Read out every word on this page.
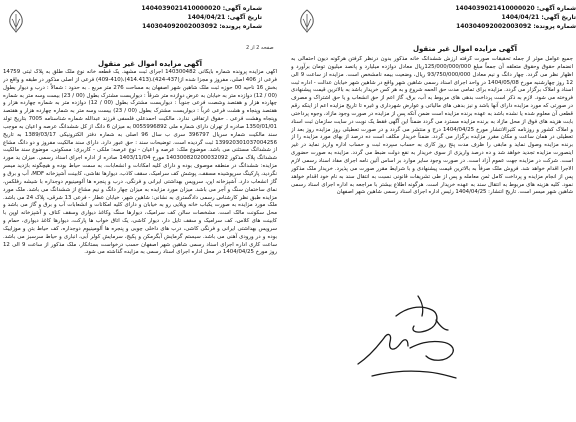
صفحه 2 از 2
شماره آگهی: 1404039021410000020
تاریخ آگهی: 1404/04/21
شماره پرونده: 140304092002003092
آگهی مزایده اموال غیر منقول
آگهی مزایده پرونده شماره بایگانی 140300482 اجرای ثبت مشهد. یک قطعه خانه نوع ملک طلق به پلاک ثبتی 14759 فرعی از 406 اصلی، مفروز و مجزا شده از(437-424)،(414.413)،(410-409) فرعی از اصلی مذکور در طبقه و واقع در بخش 16 ناحیه 00 حوزه ثبت ملک شاهین شهر اصفهان به مساحت 276 متر مربع . به حدود : شمالاً : درب و دیوار بطول (00 / 12) دوازده متر به خیابان به عرض دوازده متر شرقاً : دیواریست مشترک بطول (00 / 23) بیست وسه متر به شماره چهارده هزار و هفتصد وشصت فرعی جنوباً : دیواریست مشترک بطول (00 / 12) دوازده متر به شماره چهارده هزار و هفتصد وپنجاه و هشت فرعی غرباً : دیواریست مشترک بطول (00 / 23) بیست وسه متر به شماره چهارده هزار و هفتصد وپنجاه وهشت فرعی . حقوق ارتفاقی ندارد. مالکیت احمدعلی فلسفی فرزند عبدالله شماره شناسنامه 7005 بتاریخ تولد 1350/01/01 صادره از تهران دارای شماره ملی 0055996892 به میزان 6 دانگ از کل ششدانگ عرصه و اعیان به موجب سند مالکیت شماره سریال 396797 سری ب سال 96 اصلی به شماره دفتر الکترونیکی 1389/03/17 به تاریخ 139920301037004256 ثبت گردیده است. توضیحات سند : حق عبور دارد. دارای سند مالکیت مفروز و دو دانگ مشاع از ششدانگ مستثنی می باشد. موضوع ملک: عرصه و اعیان - نوع عرصه: ملکی - کاربری: مسکونی. موضوع سند مالکیت ششدانگ پلاک مذکور 140300820200032092 مورخ 1403/11/04 صادره از اداره اجرای اسناد رسمی. میزان ید مورد مزایده: ششدانگ در منطقه موصوف بوده و دارای کلیه امکانات و انشعابات، به سمت حیاط بوده و هیچگونه بازدید میسر نگردید، پارکینگ سرپوشیده مسقف، پوشش کف سرامیک، سقف کاذب، دیوارها نقاشی، کابینت آشپزخانه MDF، آب و برق و گاز انشعاب دارد. آشپزخانه اپن، سرویس بهداشتی ایرانی و فرنگی، درب و پنجره ها آلومینیوم دوجداره با شیشه رفلکس، نمای ساختمان سنگ و آجر می باشد. میزان مورد مزایده به میزان چهار دانگ و نیم مشاع از ششدانگ می باشد. ملک مورد مزایده طبق نظر کارشناس رسمی دادگستری به نشانی: شاهین شهر، خیابان عطار - فرعی 13 شرقی، پلاک 24 می باشد. ملک مورد مزایده به صورت یکباب خانه ویلایی رو به خیابان و دارای کلیه امکانات و انشعابات آب و برق و گاز می باشد و محل سکونت مالک است. مشخصات سالن کف سرامیک، دیوارها سنگ وکاغذ دیواری وسقف کناف و آشپزخانه اوپن با کابینت های کلاس، کف سرامیک و سقف تایل دار، دیوار کاشی، یک اتاق خواب ها پارکت، دیوارها کاغذ دیواری، حمام و سرویس بهداشتی ایرانی و فرنگی کاشی، درب های داخلی چوبی و پنجره ها آلومینیوم دوجداره، کف حیاط بتن و موزاییک بوده و در ورودی آهنی می باشد. سیستم گرمایش آبگرمکن و پکیج، سرمایش کولر آبی، انباری و حیاط سرسبز می باشد. ساعت کاری اداره اجرای اسناد رسمی شاهین شهر اصفهان حسب درخواست بستانکار، ملک مذکور از ساعت 9 الی 12 روز مورخ 1404/04/25 در محل اداره اجرای اسناد رسمی به مزایده گذاشته می شود.
شماره آگهی: 1404039021410000020
تاریخ آگهی: 1404/04/21
شماره پرونده: 140304092002003092
آگهی مزایده اموال غیر منقول
جمیع عوامل موثر از جمله تحقیقات صورت گرفته ارزش ششدانگ خانه مذکور بدون درنظر گرفتن هرگونه دیون احتمالی به انضمام حقوق وحقوق متعلقه آن جمعاً مبلغ 125/000/000/000ریال معادل دوازده میلیارد و پانصد میلیون تومان برآورد و اظهار نظر می گردد. چهار دانگ و نیم معادل 93/750/000/000 ریال، وضعیت بیمه نامشخص است. مزایده از ساعت 9 الی 12 روز چهارشنبه مورخ 1404/05/08 در واحد اجرای اسناد رسمی شاهین شهر واقع در شاهین شهر خیابان عدالت - اداره ثبت اسناد و املاک برگزار می گردد. مزایده برای تمامی مدت حق الحمه شروع و به هر کس خریدار باشد به بالاترین قیمت پیشنهادی فروخته می شود. لازم به ذکر است پرداخت بدهی های مربوط به آب، برق، گاز اعم از حق انشعاب و یا حق اشتراک و مصرف در صورتی که مورد مزایده دارای آنها باشد و نیز بدهی های مالیاتی و عوارض شهرداری و غیره تا تاریخ مزایده اعم از اینکه رقم قطعی آن معلوم شده یا نشده باشد به عهده برنده مزایده است ضمن آنکه پس از مزایده در صورت وجود مازاد، وجوه پرداختی بابت هزینه های فوق از محل مازاد به برنده مزایده مسترد می گردد ضمناً این آگهی فقط یک نوبت در سایت سازمان ثبت اسناد و املاک کشور و روزنامه کثیرالانتشار مورخ 1404/04/25 درج و منتشر می گردد و در صورت تعطیلی روز مزایده روز بعد از تعطیلی در همان ساعت و مکان مقرر مزایده برگزار می گردد. ضمناً خریدار مکلف است ده درصد از بهای مورد مزایده را از برنده مزایده وصول نماید و مابقی را ظرف مدت پنج روز کاری به حساب سپرده ثبت و حساب اداره واریز نماید در غیر اینصورت مزایده تجدید خواهد شد و ده درصد واریزی از سوی خریدار به نفع دولت ضبط می گردد. مزایده به صورت حضوری است. شرکت در مزایده جهت عموم آزاد است. در صورت وجود سایر موارد بر اساس آئین نامه اجرای مفاد اسناد رسمی لازم الاجرا اقدام خواهد شد. فروش ملک صرفاً به بالاترین قیمت پیشنهادی و با شرایط مقرر صورت می پذیرد. خریدار ملک مذکور پس از انجام مزایده و پرداخت کامل ثمن معامله و پس از طی تشریفات قانونی نسبت به انتقال سند به نام خود اقدام خواهد نمود. کلیه هزینه های مربوط به انتقال سند به عهده خریدار است. هرگونه اطلاع بیشتر با مراجعه به اداره اجرای اسناد رسمی شاهین شهر میسر است. تاریخ انتشار: 1404/04/25 رئیس اداره اجرای اسناد رسمی شاهین شهر اصفهان
